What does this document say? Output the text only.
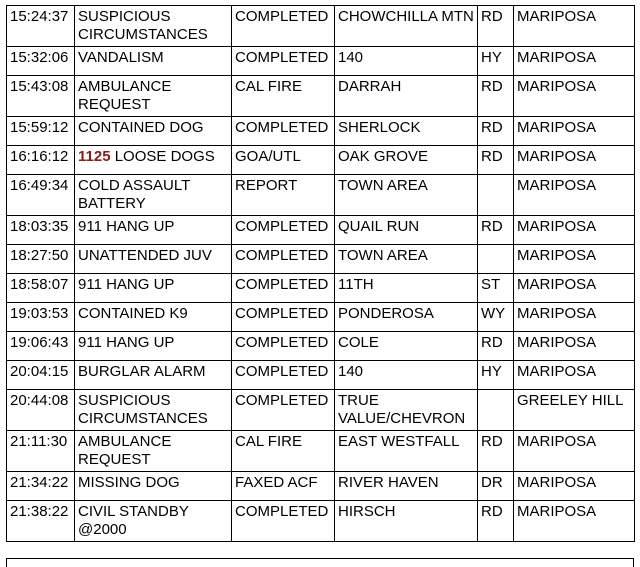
15:24:37	SUSPICIOUS CIRCUMSTANCES	COMPLETED	CHOWCHILLA MTN	RD	MARIPOSA
15:32:06	VANDALISM	COMPLETED	140	HY	MARIPOSA
15:43:08	AMBULANCE REQUEST	CAL FIRE	DARRAH	RD	MARIPOSA
15:59:12	CONTAINED DOG	COMPLETED	SHERLOCK	RD	MARIPOSA
16:16:12	1125 LOOSE DOGS	GOA/UTL	OAK GROVE	RD	MARIPOSA
16:49:34	COLD ASSAULT BATTERY	REPORT	TOWN AREA		MARIPOSA
18:03:35	911 HANG UP	COMPLETED	QUAIL RUN	RD	MARIPOSA
18:27:50	UNATTENDED JUV	COMPLETED	TOWN AREA		MARIPOSA
18:58:07	911 HANG UP	COMPLETED	11TH	ST	MARIPOSA
19:03:53	CONTAINED K9	COMPLETED	PONDEROSA	WY	MARIPOSA
19:06:43	911 HANG UP	COMPLETED	COLE	RD	MARIPOSA
20:04:15	BURGLAR ALARM	COMPLETED	140	HY	MARIPOSA
20:44:08	SUSPICIOUS CIRCUMSTANCES	COMPLETED	TRUE VALUE/CHEVRON		GREELEY HILL
21:11:30	AMBULANCE REQUEST	CAL FIRE	EAST WESTFALL	RD	MARIPOSA
21:34:22	MISSING DOG	FAXED ACF	RIVER HAVEN	DR	MARIPOSA
21:38:22	CIVIL STANDBY @2000	COMPLETED	HIRSCH	RD	MARIPOSA
